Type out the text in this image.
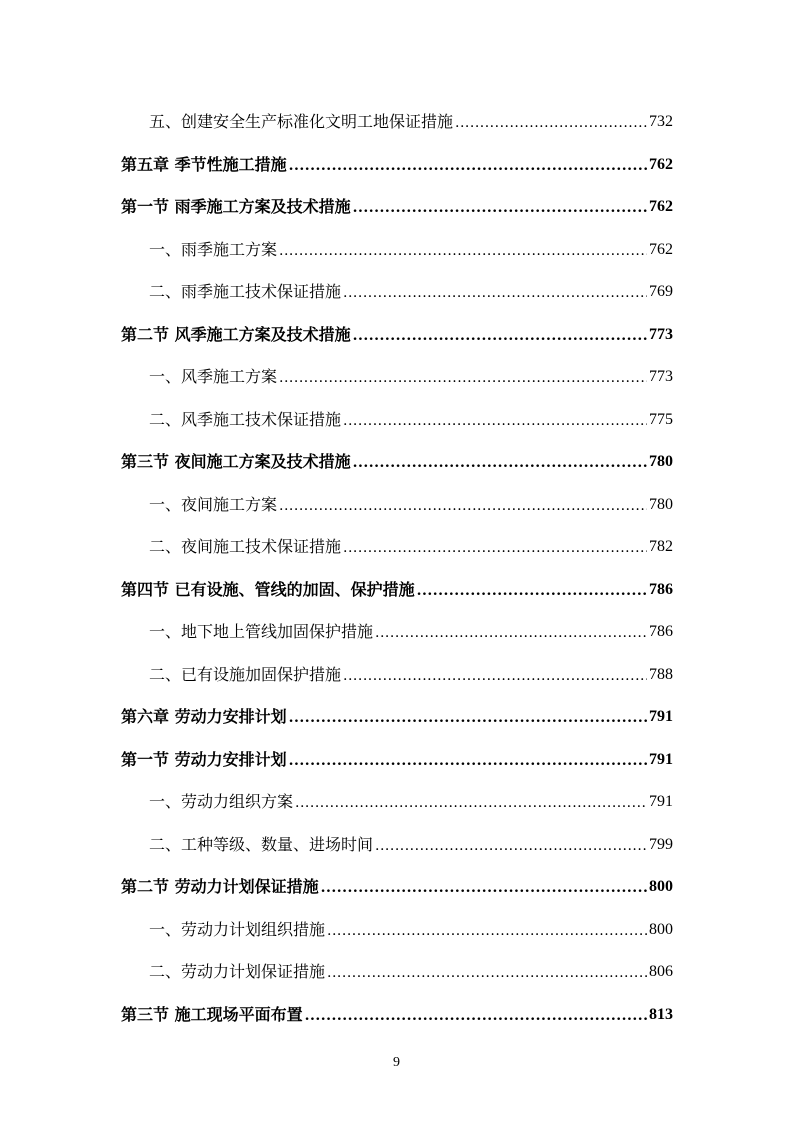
五、创建安全生产标准化文明工地保证措施 .....	732
第五章 季节性施工措施 .....	762
第一节 雨季施工方案及技术措施 .....	762
一、雨季施工方案 .....	762
二、雨季施工技术保证措施 .....	769
第二节 风季施工方案及技术措施 .....	773
一、风季施工方案 .....	773
二、风季施工技术保证措施 .....	775
第三节 夜间施工方案及技术措施 .....	780
一、夜间施工方案 .....	780
二、夜间施工技术保证措施 .....	782
第四节 已有设施、管线的加固、保护措施 .....	786
一、地下地上管线加固保护措施 .....	786
二、已有设施加固保护措施 .....	788
第六章 劳动力安排计划 .....	791
第一节 劳动力安排计划 .....	791
一、劳动力组织方案 .....	791
二、工种等级、数量、进场时间 .....	799
第二节 劳动力计划保证措施 .....	800
一、劳动力计划组织措施 .....	800
二、劳动力计划保证措施 .....	806
第三节 施工现场平面布置 .....	813
9
